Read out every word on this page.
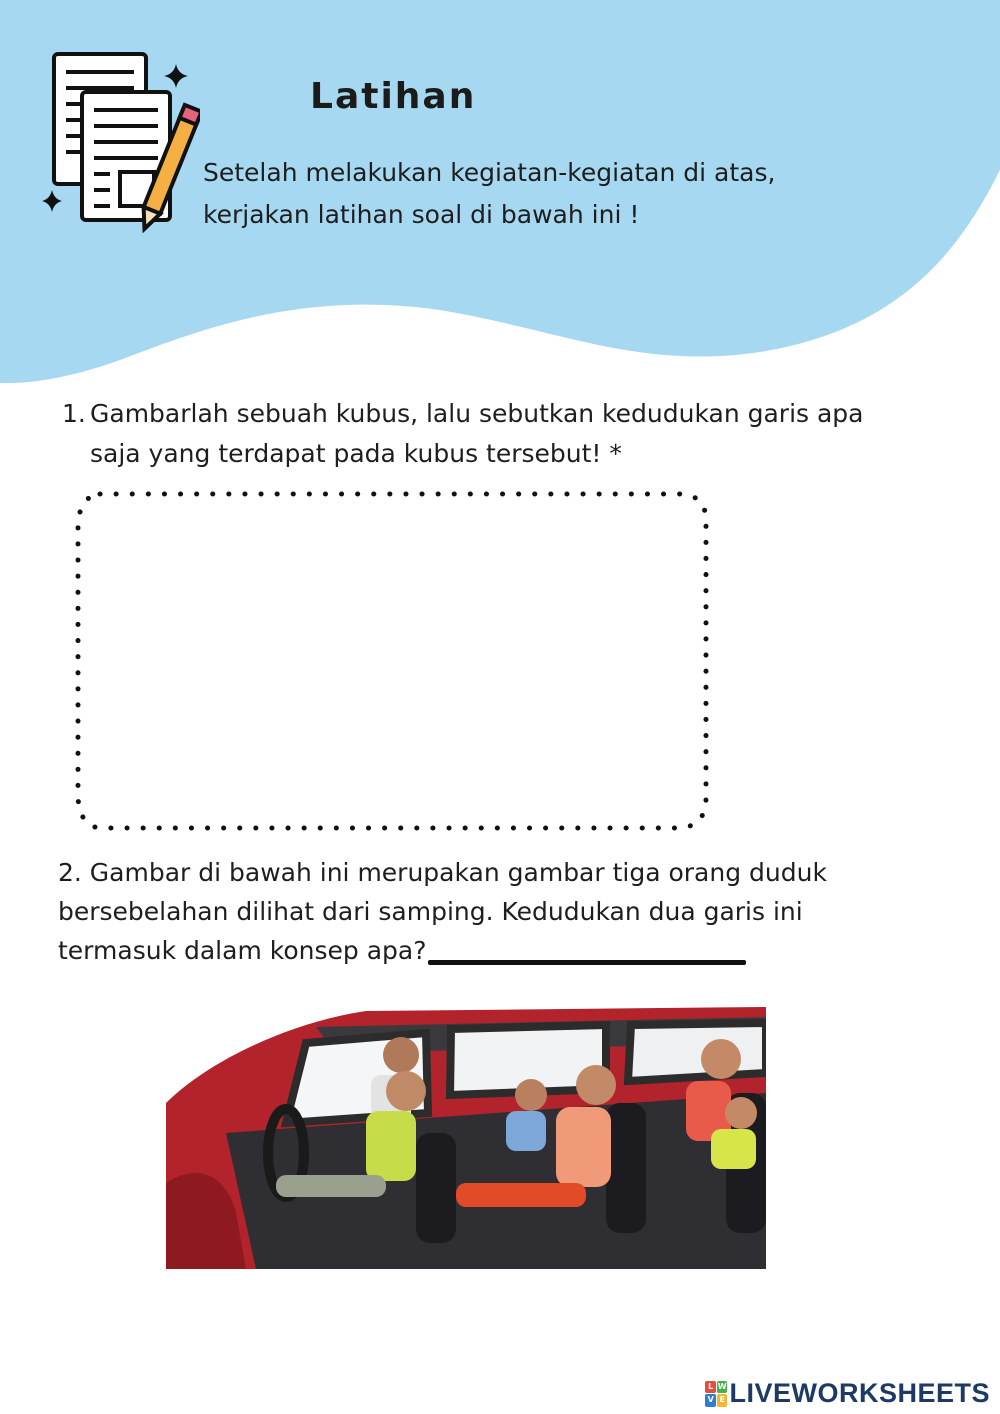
Latihan
Setelah melakukan kegiatan-kegiatan di atas,
kerjakan latihan soal di bawah ini !
1. Gambarlah sebuah kubus, lalu sebutkan kedudukan garis apa
saja yang terdapat pada kubus tersebut! *
2. Gambar di bawah ini merupakan gambar tiga orang duduk
bersebelahan dilihat dari samping. Kedudukan dua garis ini
termasuk dalam konsep apa?
L W
V E LIVEWORKSHEETS
